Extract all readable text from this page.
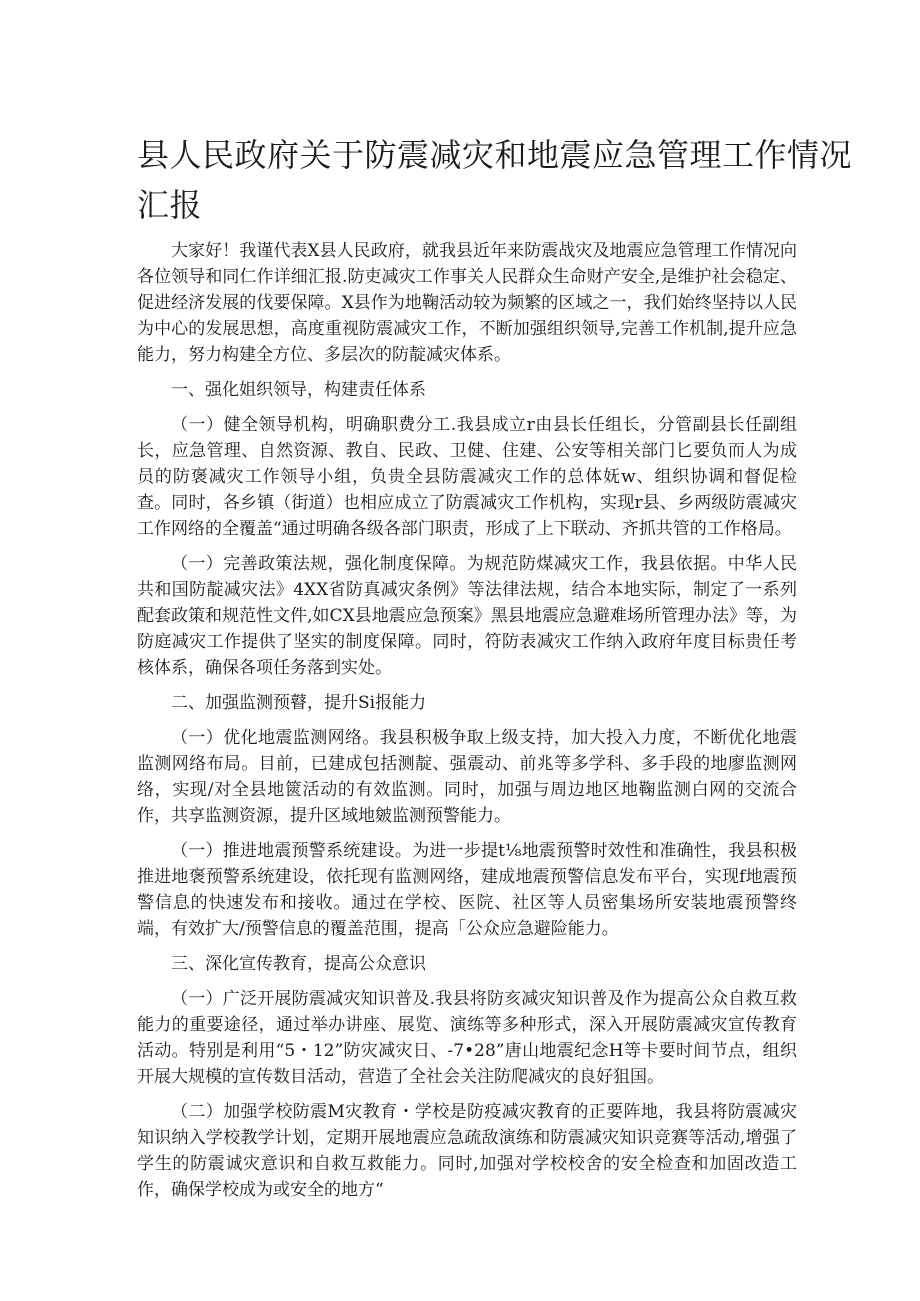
县人民政府关于防震减灾和地震应急管理工作情况
汇报

大家好！我谨代表X县人民政府，就我县近年来防震战灾及地震应急管理工作情况向各位领导和同仁作详细汇报.防吏减灾工作事关人民群众生命财产安全,是维护社会稳定、促进经济发展的伐要保障。X县作为地鞠活动较为频繁的区域之一，我们始终坚持以人民为中心的发展思想，高度重视防震减灾工作，不断加强组织领导,完善工作机制,提升应急能力，努力构建全方位、多层次的防靛减灾体系。

一、强化姐织领导，构建责任体系

（一）健全领导机构，明确职费分工.我县成立r由县长任组长，分管副县长任副组长，应急管理、自然资源、教自、民政、卫健、住建、公安等相关部门匕要负而人为成员的防褒减灾工作领导小组，负贵全县防震减灾工作的总体妩w、组织协调和督促检查。同时，各乡镇（街道）也相应成立了防震减灾工作机构，实现r县、乡两级防震减灾工作网络的全覆盖“通过明确各级各部门职责，形成了上下联动、齐抓共管的工作格局。

（一）完善政策法规，强化制度保障。为规范防煤减灾工作，我县依据。中华人民共和国防靛减灾法》4XX省防真减灾条例》等法律法规，结合本地实际，制定了一系列配套政策和规范性文件,如CX县地震应急预案》黑县地震应急避难场所管理办法》等，为防庭减灾工作提供了坚实的制度保障。同时，符防表减灾工作纳入政府年度目标贵任考核体系，确保各项任务落到实处。

二、加强监测预瞽，提升Si报能力

（一）优化地震监测网络。我县积极争取上级支持，加大投入力度，不断优化地震监测网络布局。目前，已建成包括测靛、强震动、前兆等多学科、多手段的地廖监测网络，实现/对全县地篋活动的有效监测。同时，加强与周边地区地鞠监测白网的交流合作，共享监测资源，提升区域地皴监测预警能力。

（一）推进地震预警系统建设。为进一步提t⅛地震预警时效性和准确性，我县积极推进地褒预警系统建设，依托现有监测网络，建成地震预警信息发布平台，实现f地震预警信息的快速发布和接收。通过在学校、医院、社区等人员密集场所安装地震预警终端，有效扩大/预警信息的覆盖范围，提高「公众应急避险能力。

三、深化宣传教育，提高公众意识

（一）广泛开展防震减灾知识普及.我县将防亥减灾知识普及作为提高公众自救互救能力的重要途径，通过举办讲座、展览、演练等多种形式，深入开展防震减灾宣传教育活动。特别是利用“5・12”防灾减灾日、-7•28”唐山地震纪念H等卡要时间节点，组织开展大规模的宣传数目活动，营造了全社会关注防爬减灾的良好狙国。

（二）加强学校防震M灾教育・学校是防疫减灾教育的正要阵地，我县将防震减灾知识纳入学校教学计划，定期开展地震应急疏敌演练和防震减灾知识竞赛等活动,增强了学生的防震诚灾意识和自救互救能力。同时,加强对学校校舍的安全检查和加固改造工作，确保学校成为或安全的地方“
